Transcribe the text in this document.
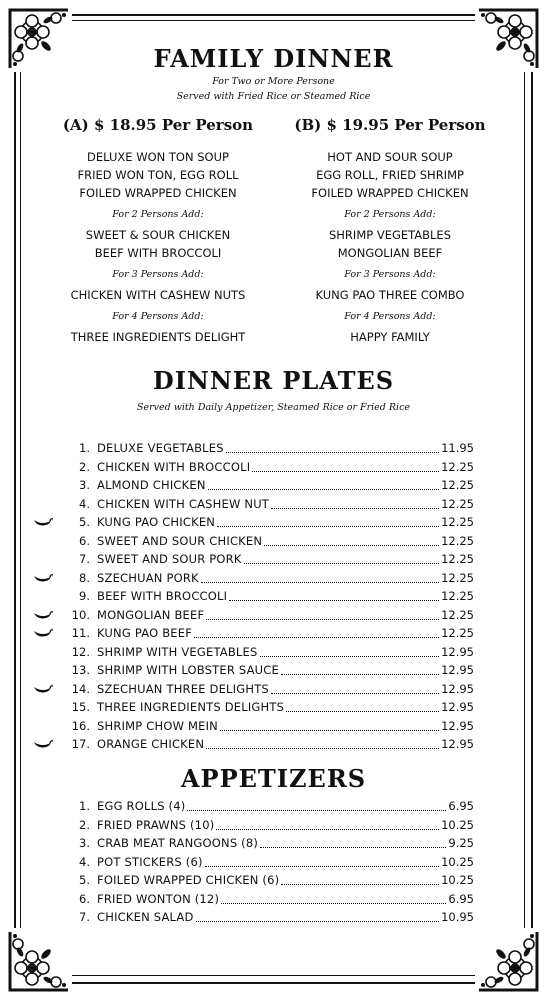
FAMILY DINNER
For Two or More Persone
Served with Fried Rice or Steamed Rice
(A) $ 18.95 Per Person
DELUXE WON TON SOUP
FRIED WON TON, EGG ROLL
FOILED WRAPPED CHICKEN
For 2 Persons Add:
SWEET & SOUR CHICKEN
BEEF WITH BROCCOLI
For 3 Persons Add:
CHICKEN WITH CASHEW NUTS
For 4 Persons Add:
THREE INGREDIENTS DELIGHT
(B) $ 19.95 Per Person
HOT AND SOUR SOUP
EGG ROLL, FRIED SHRIMP
FOILED WRAPPED CHICKEN
For 2 Persons Add:
SHRIMP VEGETABLES
MONGOLIAN BEEF
For 3 Persons Add:
KUNG PAO THREE COMBO
For 4 Persons Add:
HAPPY FAMILY
DINNER PLATES
Served with Daily Appetizer, Steamed Rice or Fried Rice
1. DELUXE VEGETABLES	11.95
2. CHICKEN WITH BROCCOLI	12.25
3. ALMOND CHICKEN	12.25
4. CHICKEN WITH CASHEW NUT	12.25
5. KUNG PAO CHICKEN	12.25
6. SWEET AND SOUR CHICKEN	12.25
7. SWEET AND SOUR PORK	12.25
8. SZECHUAN PORK	12.25
9. BEEF WITH BROCCOLI	12.25
10. MONGOLIAN BEEF	12.25
11. KUNG PAO BEEF	12.25
12. SHRIMP WITH VEGETABLES	12.95
13. SHRIMP WITH LOBSTER SAUCE	12.95
14. SZECHUAN THREE DELIGHTS	12.95
15. THREE INGREDIENTS DELIGHTS	12.95
16. SHRIMP CHOW MEIN	12.95
17. ORANGE CHICKEN	12.95
APPETIZERS
1. EGG ROLLS (4)	6.95
2. FRIED PRAWNS (10)	10.25
3. CRAB MEAT RANGOONS (8)	9.25
4. POT STICKERS (6)	10.25
5. FOILED WRAPPED CHICKEN (6)	10.25
6. FRIED WONTON (12)	6.95
7. CHICKEN SALAD	10.95
